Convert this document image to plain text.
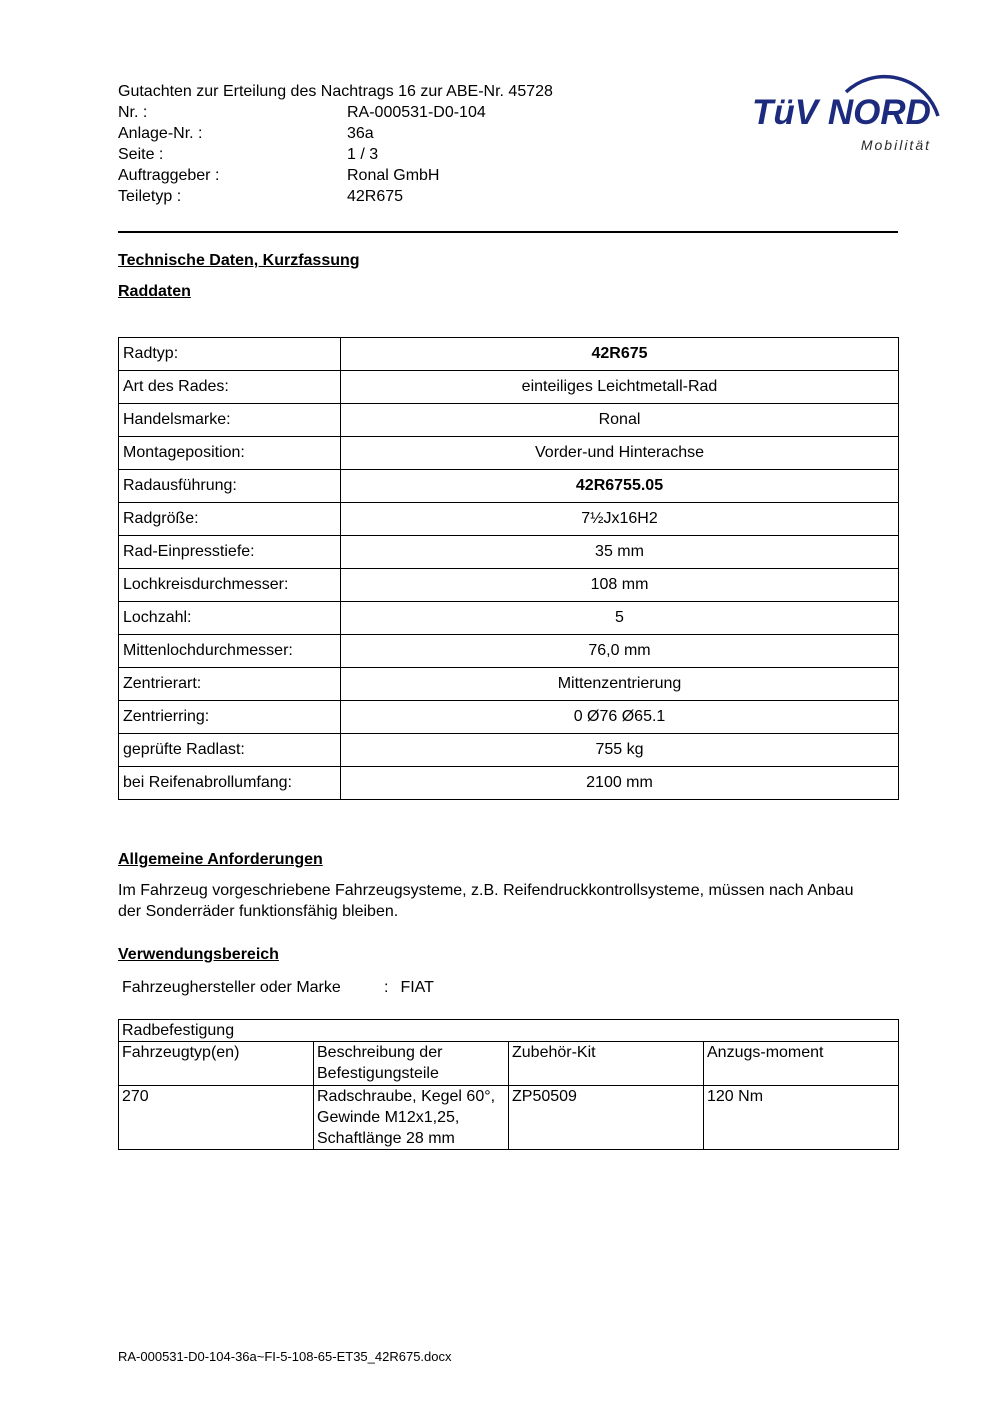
Gutachten zur Erteilung des Nachtrags 16 zur ABE-Nr. 45728
Nr. :	RA-000531-D0-104
Anlage-Nr. :	36a
Seite :	1 / 3
Auftraggeber :	Ronal GmbH
Teiletyp :	42R675
TüV NORD
Mobilität
Technische Daten, Kurzfassung
Raddaten
Radtyp:	42R675
Art des Rades:	einteiliges Leichtmetall-Rad
Handelsmarke:	Ronal
Montageposition:	Vorder-und Hinterachse
Radausführung:	42R6755.05
Radgröße:	7½Jx16H2
Rad-Einpresstiefe:	35 mm
Lochkreisdurchmesser:	108 mm
Lochzahl:	5
Mittenlochdurchmesser:	76,0 mm
Zentrierart:	Mittenzentrierung
Zentrierring:	0 Ø76 Ø65.1
geprüfte Radlast:	755 kg
bei Reifenabrollumfang:	2100 mm
Allgemeine Anforderungen
Im Fahrzeug vorgeschriebene Fahrzeugsysteme, z.B. Reifendruckkontrollsysteme, müssen nach Anbau der Sonderräder funktionsfähig bleiben.
Verwendungsbereich
Fahrzeughersteller oder Marke	: FIAT
Radbefestigung			
Fahrzeugtyp(en)	Beschreibung der Befestigungsteile	Zubehör-Kit	Anzugs-moment
270	Radschraube, Kegel 60°, Gewinde M12x1,25, Schaftlänge 28 mm	ZP50509	120 Nm
RA-000531-D0-104-36a~FI-5-108-65-ET35_42R675.docx
